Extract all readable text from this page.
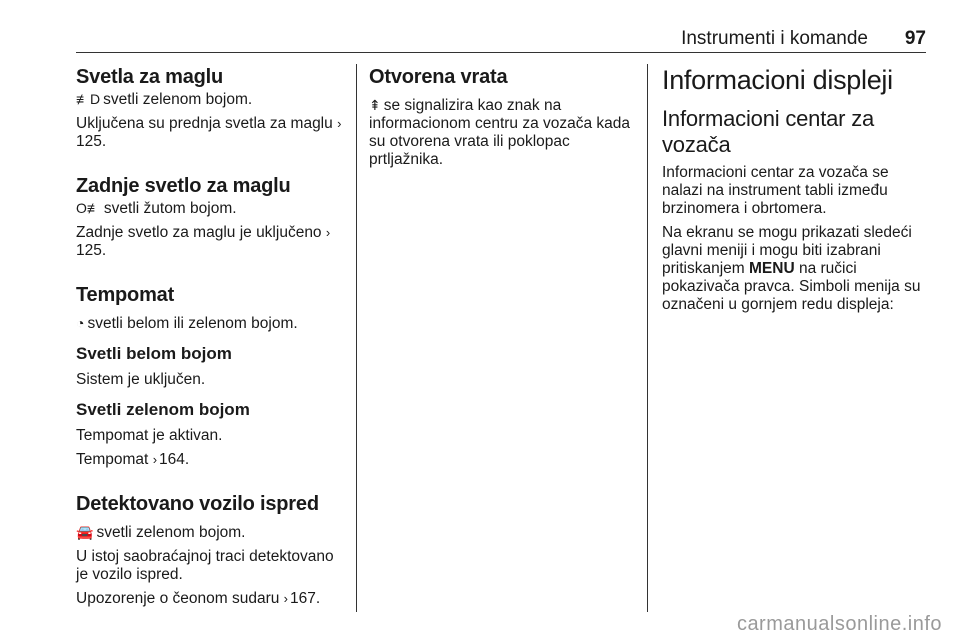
Instrumenti i komande 97
Svetla za maglu

≢D svetli zelenom bojom.

Uključena su prednja svetla za maglu ›125.

Zadnje svetlo za maglu

O≢ svetli žutom bojom.

Zadnje svetlo za maglu je uključeno ›125.

Tempomat

◔ svetli belom ili zelenom bojom.

Svetli belom bojom

Sistem je uključen.

Svetli zelenom bojom

Tempomat je aktivan.

Tempomat › 164.

Detektovano vozilo ispred

🚘 svetli zelenom bojom.

U istoj saobraćajnoj traci detektovano je vozilo ispred.

Upozorenje o čeonom sudaru › 167.

Otvorena vrata

⇞ se signalizira kao znak na informacionom centru za vozača kada su otvorena vrata ili poklopac prtljažnika.

Informacioni displeji
Informacioni centar za vozača

Informacioni centar za vozača se nalazi na instrument tabli između brzinomera i obrtomera.

Na ekranu se mogu prikazati sledeći glavni meniji i mogu biti izabrani pritiskanjem MENU na ručici pokazivača pravca. Simboli menija su označeni u gornjem redu displeja:

carmanualsonline.info
